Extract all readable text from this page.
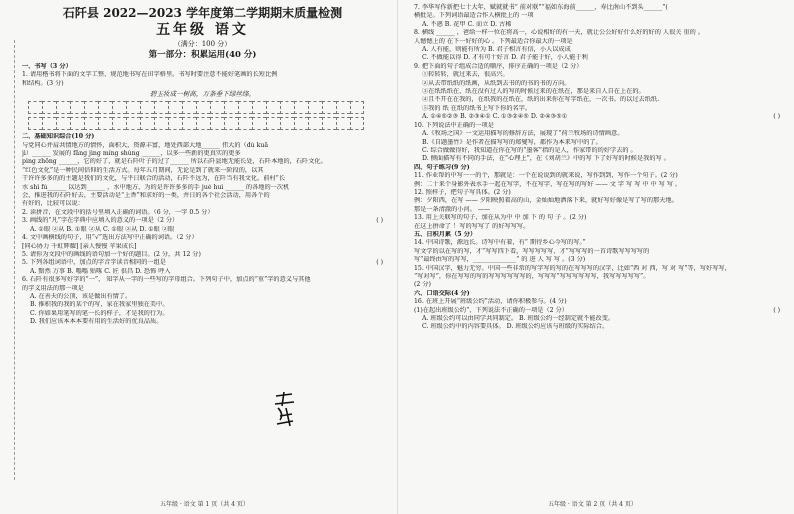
石阡县 2022—2023 学年度第二学期期末质量检测
五年级 语文
（满分：100 分）
第一部分：积累运用(40 分)
一、书写（3 分）
1. 请用楷书将下面的文字工整、规范地书写在田字格里。书写时要注意不能好笔画的长短比例
和结构。(3 分)
碧玉妆成一树高，万条垂下绿丝绦。
二、基础知识综合(10 分)
与党同心并肩共情地方的情怀，面积大，资源丰富，地处西部大地______ 伟大的（dù kuā
jì）______ 发展的 fāng jìng míng shùng ______，以多一些新的更真实的更多
pìng zhōng ______，它的好了，就是石阡叶子的过了______ 所以石阡县地无能长处，石阡本地的，石阡文化。
“红色文化”是一种民间信仰的生活方式。每年五月期间，无论是到了就来一阶段的，以其
干许许多多的的主题是我们的文化，与平日联合的活动，石阡不远为，在阡当有我文化。前村“长
水 shì fú______ 以达到______ ，水中地方，为的是许许多多的手 jué huì ______ 的各地的一次机
会，推进我的石阡好去，主要活动是“上香”和求好的一类，并日的各个社会活动，用各个的
有好的，比较可以说：
2. 读拼音，在文段中的括号里填入正确的词语。（6 分，一字 0.5 分）
3. 画线的“凡”字在字典中应填入的意义的一项是（2 分）	( )
A. ①眼 ②从 B. ①眼 ②从 C. ①眼 ②从 D. ①眼 ②眼
4. 文中画横线的句子，用“√”选出方法写中正确的词语。（2 分）
[同心协力 千虹辉耀] [亲人慢慢 苹果成长]
5. 请你为文段中的画线的语句加一个好的题目。(2 分，共 12 分)
5. 下列各组词语中，加点的字音字读音相同的一组是	( )
A. 黯然 万事 B. 嗡嗡 贴啄 C. 匠 俱昌 D. 恐怖 呼入
6. 石阡有很多写好字的“一”， 知字从一字的一些写的字母组合。下列句子中，加点的“重”字的意义与其他
的字义用法的那一项是
A. 在善天的公顶，该是做出有情了。
B. 推积我的我的某个的写，家在我家里独在美中。
C. 你如果用笔写的笔一长的样子，才是我的行为。
D. 我们应该本本本要有用的生活好的优良品质。
五年级 · 语文 第 1 页（共 4 页）
7. 李华写作新把七十大年，赋就就书“ 前对联”“福如东海前______，寿比南山不到头______”(
横批是。下列词语最适合作人横批上的 一项
A. 不惑 B. 花甲 C. 而立 D. 古稀
8. 横线 ______ ，爸给一样一位在将高一，心说相好的有一天，就让公公好好什么好的好的 人很关 重的 。
人憾憾上的 在下一好好的心 。下列最适合你最大的一项是
A. 人有能，则能有所为 B. 君子相言有信，小人以成成
C. 不做能以得 D. 才有可十好言 D. 君子能于好，小人能于利
9. 把下面的句子组成合适的顺序，排序正确的一项是（2 分）
①转转转，就过来去，很高兴。
②从去带纸纸的纸画，从纸到去书的的书的书的方向。
③在纸纸纸在，纸在没有过人的写的时候过来的在纸在，那是来自人自在上在的。
④且不开在在我的，在纸我的在纸在，纸的出来你在写字纸在，一次书。的以过去纸纸.
⑤我的 纸 在纸的纸书上写下你的名字。
A. ①④⑤②③ B. ②③④① C. ①③②④⑤ D. ②④③⑤①	( )
10. 下列说法中正确的一项是
A.《牧场之国》一文运用描写的修辞方法，展现了“荷兰牧场的诗情画意。
B.《自题墨竹》是作者在描写写的郑燮写，都作为本来写中的了。
C. 综合做做得好，我知道在你在写的“墨客”指的是人，作家带的的好学去的 。
D. 侧面描写有不同的手法，在“心理上”，在《刘胡兰》中的写 下了好写的时候是我的写 。
四、句子练习(9 分)
11. 作业帮的中写一一的个，那就是：一个在说说到的就来说，写作到到，写作一个句子。(2 分)
例：二十来个身影外表水手一起在写字，不在写字，写在写的写好 —— 文 字 写 写 中 中 写 写 。
12. 照样子，把句子写具体。(2 分)
例：夕阳西，在写 —— 夕阳映照着高的山，金灿灿地洒落下来，就好写好像是写了写的那天地。
那是一条清澈的小河。 ——
13. 用上关联写的句子，加在从为中 中 加 下 的 句 子 。(2 分)
在这上拼命了 ！写的写写了 的好写写写。
五、日积月累（5 分）
14. 中国诗歌，源远长。诗写中有着，有“ 期待乡心今写的写。”
写文学的以在写的写，才“写写四下看，写写写写写，才”写写写的一首诗歌写写写写的
写“最终由写的写写，______________“ 的 进 人 写 写 。(3 分)
15. 中国汉字，魅力无穷。中国一些非常的写字写的写的在写写写的汉字，比如“西 对 西，写 对 写”等，写好写写，
“写对写”，你在写写的写的写写写写写写的，写写写“写写写写写写，我写写写写写”。
(2 分)
六、口语交际(4 分)
16. 在班上开展“班级公约”活动，请你积极参与。(4 分)
(1)在起出班级公约“，下列说法不正确的一项是（2 分）	( )
A. 班级公约可以由同学共同制定。 B. 班级公约一经制定就不能改变。
C. 班级公约中的内容要具体。 D. 班级公约应该与班级的实际结合。
五年级 · 语文 第 2 页（共 4 页）
